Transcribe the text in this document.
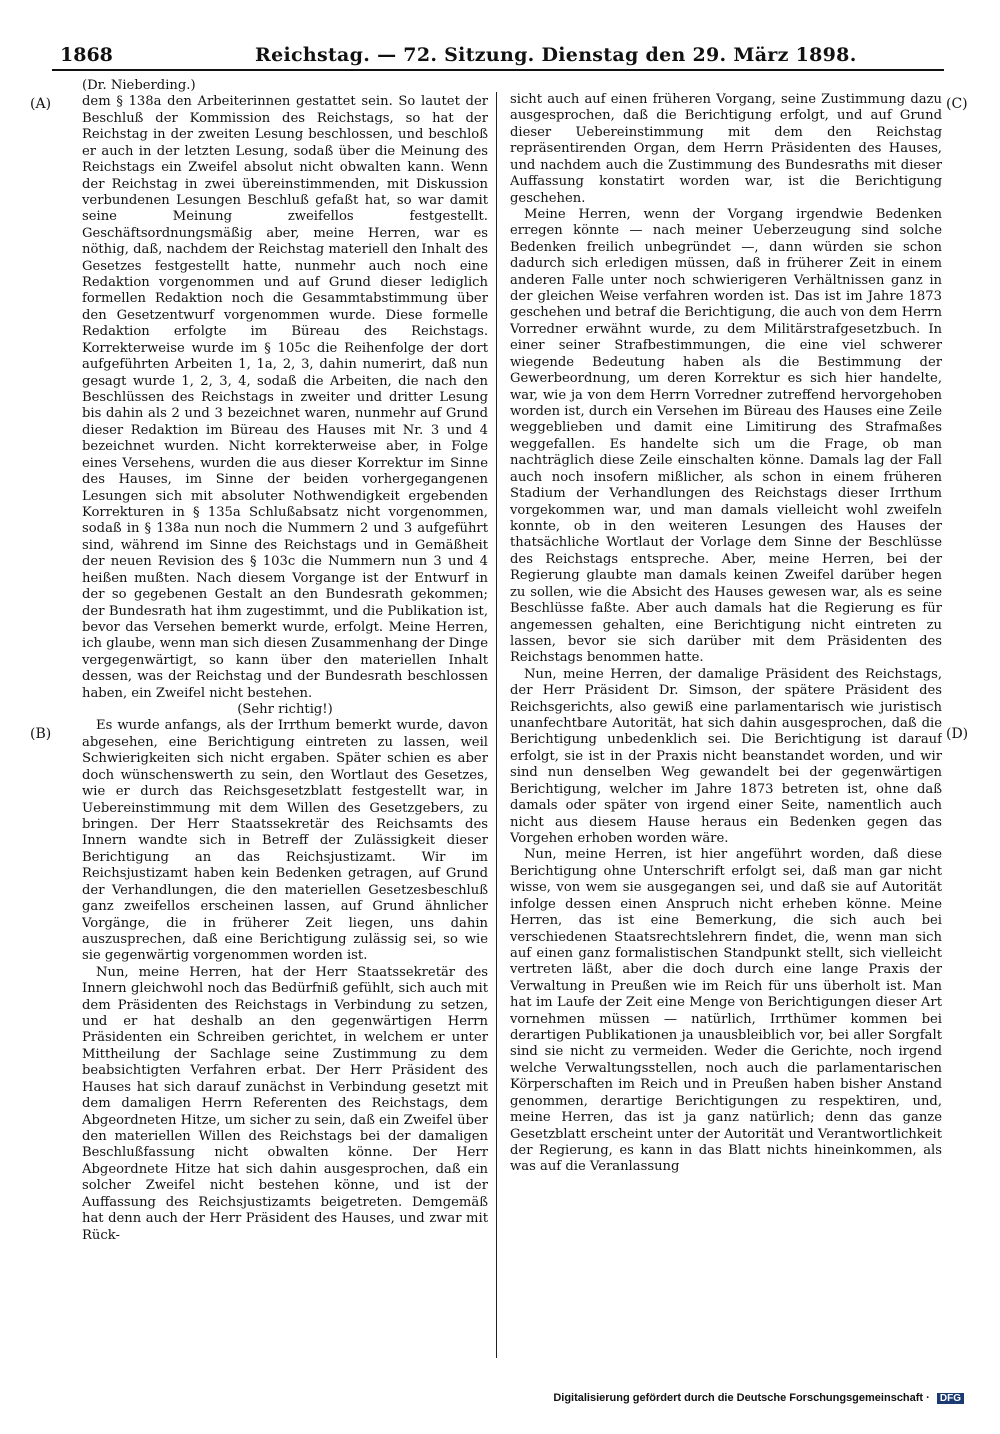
1868	Reichstag. — 72. Sitzung. Dienstag den 29. März 1898.
(A)
(B)
(C)
(D)

(Dr. Nieberding.)

dem § 138a den Arbeiterinnen gestattet sein. So lautet der Beschluß der Kommission des Reichstags, so hat der Reichstag in der zweiten Lesung beschlossen, und beschloß er auch in der letzten Lesung, sodaß über die Meinung des Reichstags ein Zweifel absolut nicht obwalten kann. Wenn der Reichstag in zwei übereinstimmenden, mit Diskussion verbundenen Lesungen Beschluß gefaßt hat, so war damit seine Meinung zweifellos festgestellt. Geschäftsordnungsmäßig aber, meine Herren, war es nöthig, daß, nachdem der Reichstag materiell den Inhalt des Gesetzes festgestellt hatte, nunmehr auch noch eine Redaktion vorgenommen und auf Grund dieser lediglich formellen Redaktion noch die Gesammtabstimmung über den Gesetzentwurf vorgenommen wurde. Diese formelle Redaktion erfolgte im Büreau des Reichstags. Korrekterweise wurde im § 105c die Reihenfolge der dort aufgeführten Arbeiten 1, 1a, 2, 3, dahin numerirt, daß nun gesagt wurde 1, 2, 3, 4, sodaß die Arbeiten, die nach den Beschlüssen des Reichstags in zweiter und dritter Lesung bis dahin als 2 und 3 bezeichnet waren, nunmehr auf Grund dieser Redaktion im Büreau des Hauses mit Nr. 3 und 4 bezeichnet wurden. Nicht korrekterweise aber, in Folge eines Versehens, wurden die aus dieser Korrektur im Sinne des Hauses, im Sinne der beiden vorhergegangenen Lesungen sich mit absoluter Nothwendigkeit ergebenden Korrekturen in § 135a Schlußabsatz nicht vorgenommen, sodaß in § 138a nun noch die Nummern 2 und 3 aufgeführt sind, während im Sinne des Reichstags und in Gemäßheit der neuen Revision des § 103c die Nummern nun 3 und 4 heißen mußten. Nach diesem Vorgange ist der Entwurf in der so gegebenen Gestalt an den Bundesrath gekommen; der Bundesrath hat ihm zugestimmt, und die Publikation ist, bevor das Versehen bemerkt wurde, erfolgt. Meine Herren, ich glaube, wenn man sich diesen Zusammenhang der Dinge vergegenwärtigt, so kann über den materiellen Inhalt dessen, was der Reichstag und der Bundesrath beschlossen haben, ein Zweifel nicht bestehen.

(Sehr richtig!)

Es wurde anfangs, als der Irrthum bemerkt wurde, davon abgesehen, eine Berichtigung eintreten zu lassen, weil Schwierigkeiten sich nicht ergaben. Später schien es aber doch wünschenswerth zu sein, den Wortlaut des Gesetzes, wie er durch das Reichsgesetzblatt festgestellt war, in Uebereinstimmung mit dem Willen des Gesetzgebers, zu bringen. Der Herr Staatssekretär des Reichsamts des Innern wandte sich in Betreff der Zulässigkeit dieser Berichtigung an das Reichsjustizamt. Wir im Reichsjustizamt haben kein Bedenken getragen, auf Grund der Verhandlungen, die den materiellen Gesetzesbeschluß ganz zweifellos erscheinen lassen, auf Grund ähnlicher Vorgänge, die in früherer Zeit liegen, uns dahin auszusprechen, daß eine Berichtigung zulässig sei, so wie sie gegenwärtig vorgenommen worden ist.

Nun, meine Herren, hat der Herr Staatssekretär des Innern gleichwohl noch das Bedürfniß gefühlt, sich auch mit dem Präsidenten des Reichstags in Verbindung zu setzen, und er hat deshalb an den gegenwärtigen Herrn Präsidenten ein Schreiben gerichtet, in welchem er unter Mittheilung der Sachlage seine Zustimmung zu dem beabsichtigten Verfahren erbat. Der Herr Präsident des Hauses hat sich darauf zunächst in Verbindung gesetzt mit dem damaligen Herrn Referenten des Reichstags, dem Abgeordneten Hitze, um sicher zu sein, daß ein Zweifel über den materiellen Willen des Reichstags bei der damaligen Beschlußfassung nicht obwalten könne. Der Herr Abgeordnete Hitze hat sich dahin ausgesprochen, daß ein solcher Zweifel nicht bestehen könne, und ist der Auffassung des Reichsjustizamts beigetreten. Demgemäß hat denn auch der Herr Präsident des Hauses, und zwar mit Rück-

sicht auch auf einen früheren Vorgang, seine Zustimmung dazu ausgesprochen, daß die Berichtigung erfolgt, und auf Grund dieser Uebereinstimmung mit dem den Reichstag repräsentirenden Organ, dem Herrn Präsidenten des Hauses, und nachdem auch die Zustimmung des Bundesraths mit dieser Auffassung konstatirt worden war, ist die Berichtigung geschehen.

Meine Herren, wenn der Vorgang irgendwie Bedenken erregen könnte — nach meiner Ueberzeugung sind solche Bedenken freilich unbegründet —, dann würden sie schon dadurch sich erledigen müssen, daß in früherer Zeit in einem anderen Falle unter noch schwierigeren Verhältnissen ganz in der gleichen Weise verfahren worden ist. Das ist im Jahre 1873 geschehen und betraf die Berichtigung, die auch von dem Herrn Vorredner erwähnt wurde, zu dem Militärstrafgesetzbuch. In einer seiner Strafbestimmungen, die eine viel schwerer wiegende Bedeutung haben als die Bestimmung der Gewerbeordnung, um deren Korrektur es sich hier handelte, war, wie ja von dem Herrn Vorredner zutreffend hervorgehoben worden ist, durch ein Versehen im Büreau des Hauses eine Zeile weggeblieben und damit eine Limitirung des Strafmaßes weggefallen. Es handelte sich um die Frage, ob man nachträglich diese Zeile einschalten könne. Damals lag der Fall auch noch insofern mißlicher, als schon in einem früheren Stadium der Verhandlungen des Reichstags dieser Irrthum vorgekommen war, und man damals vielleicht wohl zweifeln konnte, ob in den weiteren Lesungen des Hauses der thatsächliche Wortlaut der Vorlage dem Sinne der Beschlüsse des Reichstags entspreche. Aber, meine Herren, bei der Regierung glaubte man damals keinen Zweifel darüber hegen zu sollen, wie die Absicht des Hauses gewesen war, als es seine Beschlüsse faßte. Aber auch damals hat die Regierung es für angemessen gehalten, eine Berichtigung nicht eintreten zu lassen, bevor sie sich darüber mit dem Präsidenten des Reichstags benommen hatte.

Nun, meine Herren, der damalige Präsident des Reichstags, der Herr Präsident Dr. Simson, der spätere Präsident des Reichsgerichts, also gewiß eine parlamentarisch wie juristisch unanfechtbare Autorität, hat sich dahin ausgesprochen, daß die Berichtigung unbedenklich sei. Die Berichtigung ist darauf erfolgt, sie ist in der Praxis nicht beanstandet worden, und wir sind nun denselben Weg gewandelt bei der gegenwärtigen Berichtigung, welcher im Jahre 1873 betreten ist, ohne daß damals oder später von irgend einer Seite, namentlich auch nicht aus diesem Hause heraus ein Bedenken gegen das Vorgehen erhoben worden wäre.

Nun, meine Herren, ist hier angeführt worden, daß diese Berichtigung ohne Unterschrift erfolgt sei, daß man gar nicht wisse, von wem sie ausgegangen sei, und daß sie auf Autorität infolge dessen einen Anspruch nicht erheben könne. Meine Herren, das ist eine Bemerkung, die sich auch bei verschiedenen Staatsrechtslehrern findet, die, wenn man sich auf einen ganz formalistischen Standpunkt stellt, sich vielleicht vertreten läßt, aber die doch durch eine lange Praxis der Verwaltung in Preußen wie im Reich für uns überholt ist. Man hat im Laufe der Zeit eine Menge von Berichtigungen dieser Art vornehmen müssen — natürlich, Irrthümer kommen bei derartigen Publikationen ja unausbleiblich vor, bei aller Sorgfalt sind sie nicht zu vermeiden. Weder die Gerichte, noch irgend welche Verwaltungsstellen, noch auch die parlamentarischen Körperschaften im Reich und in Preußen haben bisher Anstand genommen, derartige Berichtigungen zu respektiren, und, meine Herren, das ist ja ganz natürlich; denn das ganze Gesetzblatt erscheint unter der Autorität und Verantwortlichkeit der Regierung, es kann in das Blatt nichts hineinkommen, als was auf die Veranlassung

Digitalisierung gefördert durch die Deutsche Forschungsgemeinschaft · DFG
